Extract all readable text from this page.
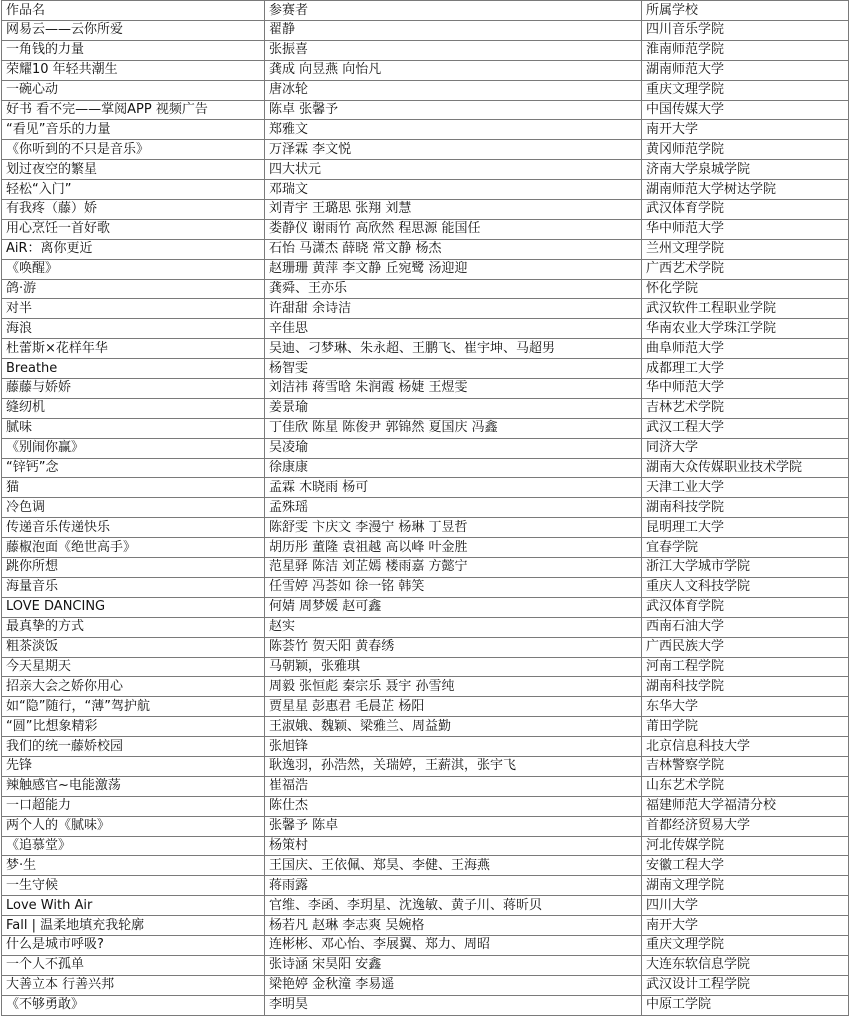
作品名	参赛者	所属学校
网易云——云你所爱	翟静	四川音乐学院
一角钱的力量	张振喜	淮南师范学院
荣耀10 年轻共潮生	龚成 向昱燕 向怡凡	湖南师范大学
一碗心动	唐冰轮	重庆文理学院
好书 看不完——掌阅APP 视频广告	陈卓 张馨予	中国传媒大学
“看见”音乐的力量	郑雅文	南开大学
《你听到的不只是音乐》	万泽霖 李文悦	黄冈师范学院
划过夜空的繁星	四大状元	济南大学泉城学院
轻松“入门”	邓瑞文	湖南师范大学树达学院
有我疼（藤）娇	刘青宇 王璐思 张翔 刘慧	武汉体育学院
用心烹饪一首好歌	娄静仪 谢雨竹 高欣然 程思源 能国任	华中师范大学
AiR：离你更近	石怡 马潇杰 薛晓 常文静 杨杰	兰州文理学院
《唤醒》	赵珊珊 黄萍 李文静 丘宛鹭 汤迎迎	广西艺术学院
鸽·游	龚舜、王亦乐	怀化学院
对半	许甜甜 余诗洁	武汉软件工程职业学院
海浪	辛佳思	华南农业大学珠江学院
杜蕾斯×花样年华	吴迪、刁梦琳、朱永超、王鹏飞、崔宇坤、马超男	曲阜师范大学
Breathe	杨智雯	成都理工大学
藤藤与娇娇	刘洁祎 蒋雪晗 朱润霞 杨婕 王煜雯	华中师范大学
缝纫机	姜景瑜	吉林艺术学院
腻味	丁佳欣 陈星 陈俊尹 郭锦然 夏国庆 冯鑫	武汉工程大学
《别闹你赢》	吴凌瑜	同济大学
“锌钙”念	徐康康	湖南大众传媒职业技术学院
猫	孟霖 木晓雨 杨可	天津工业大学
冷色调	孟殊瑶	湖南科技学院
传递音乐传递快乐	陈舒雯 卞庆文 李漫宁 杨琳 丁昱哲	昆明理工大学
藤椒泡面《绝世高手》	胡历彤 董隆 袁祖越 高以峰 叶金胜	宜春学院
跳你所想	范星驿 陈洁 刘芷嫣 楼雨嘉 方懿宁	浙江大学城市学院
海量音乐	任雪婷 冯荟如 徐一铭 韩笑	重庆人文科技学院
LOVE DANCING	何婧 周梦媛 赵可鑫	武汉体育学院
最真挚的方式	赵实	西南石油大学
粗茶淡饭	陈荟竹 贺天阳 黄春绣	广西民族大学
今天星期天	马朝颖，张雅琪	河南工程学院
招亲大会之娇你用心	周毅 张恒彪 秦宗乐 聂宇 孙雪纯	湖南科技学院
如“隐”随行，“薄”驾护航	贾星星 彭惠君 毛晨芷 杨阳	东华大学
“圆”比想象精彩	王淑娥、魏颖、梁雅兰、周益勤	莆田学院
我们的统一藤娇校园	张旭锋	北京信息科技大学
先锋	耿逸羽，孙浩然，关瑞婷，王薪淇，张宇飞	吉林警察学院
辣触感官~电能激荡	崔福浩	山东艺术学院
一口超能力	陈仕杰	福建师范大学福清分校
两个人的《腻味》	张馨予 陈卓	首都经济贸易大学
《追慕堂》	杨策村	河北传媒学院
梦·生	王国庆、王依佩、郑昊、李健、王海燕	安徽工程大学
一生守候	蒋雨露	湖南文理学院
Love With Air	官维、李函、李玥星、沈逸敏、黄子川、蒋昕贝	四川大学
Fall | 温柔地填充我轮廓	杨若凡 赵琳 李志爽 吴婉格	南开大学
什么是城市呼吸?	连彬彬、邓心怡、李展翼、郑力、周昭	重庆文理学院
一个人不孤单	张诗涵 宋昊阳 安鑫	大连东软信息学院
大善立本 行善兴邦	梁艳婷 金秋潼 李易遥	武汉设计工程学院
《不够勇敢》	李明昊	中原工学院
